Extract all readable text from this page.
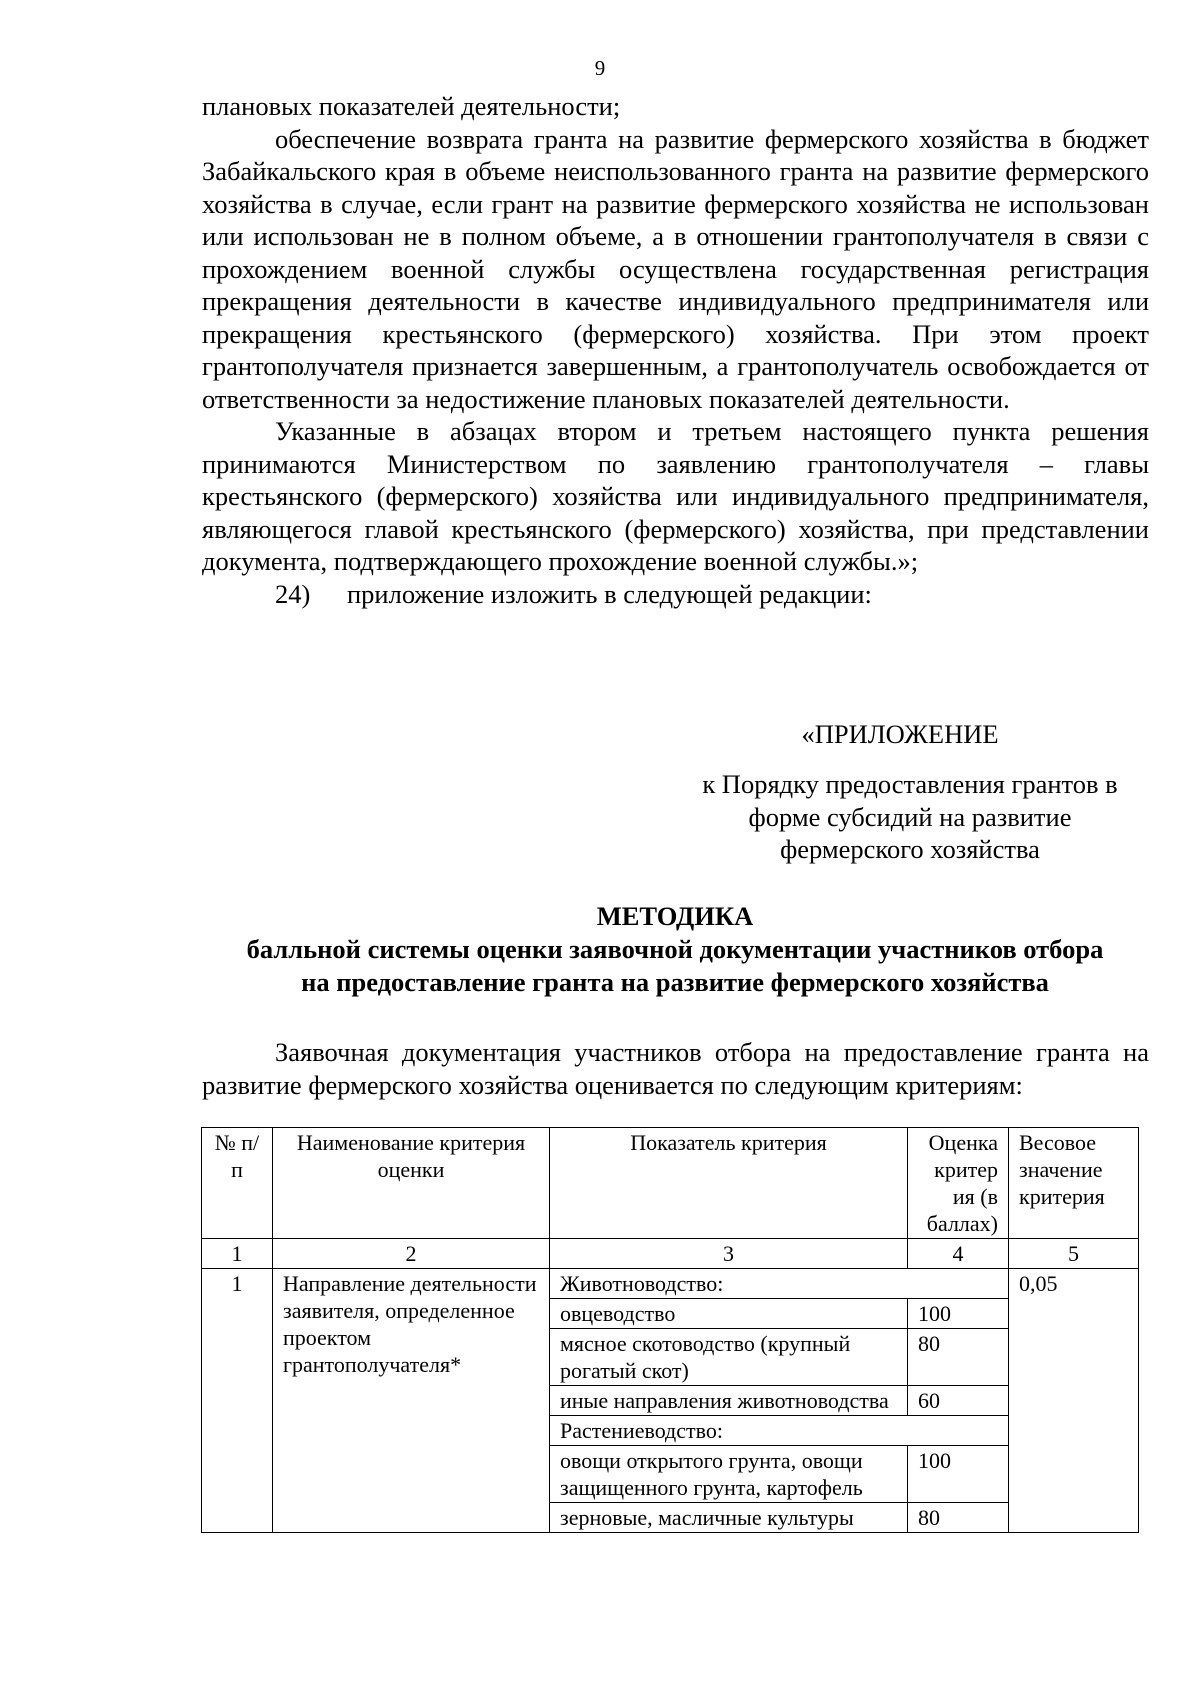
9

плановых показателей деятельности;

обеспечение возврата гранта на развитие фермерского хозяйства в бюджет Забайкальского края в объеме неиспользованного гранта на развитие фермерского хозяйства в случае, если грант на развитие фермерского хозяйства не использован или использован не в полном объеме, а в отношении грантополучателя в связи с прохождением военной службы осуществлена государственная регистрация прекращения деятельности в качестве индивидуального предпринимателя или прекращения крестьянского (фермерского) хозяйства. При этом проект грантополучателя признается завершенным, а грантополучатель освобождается от ответственности за недостижение плановых показателей деятельности.

Указанные в абзацах втором и третьем настоящего пункта решения принимаются Министерством по заявлению грантополучателя – главы крестьянского (фермерского) хозяйства или индивидуального предпринимателя, являющегося главой крестьянского (фермерского) хозяйства, при представлении документа, подтверждающего прохождение военной службы.»;

24) приложение изложить в следующей редакции:

«ПРИЛОЖЕНИЕ
к Порядку предоставления грантов в
форме субсидий на развитие
фермерского хозяйства
МЕТОДИКА
балльной системы оценки заявочной документации участников отбора
на предоставление гранта на развитие фермерского хозяйства

Заявочная документация участников отбора на предоставление гранта на развитие фермерского хозяйства оценивается по следующим критериям:

№ п/п	Наименование критерия оценки	Показатель критерия	Оценка критер ия (в баллах)	Весовое значение критерия
1	2	3	4	5
1	Направление деятельности заявителя, определенное проектом грантополучателя*	Животноводство:		0,05
		овцеводство	100	
		мясное скотоводство (крупный рогатый скот)	80	
		иные направления животноводства	60	
		Растениеводство:		
		овощи открытого грунта, овощи защищенного грунта, картофель	100	
		зерновые, масличные культуры	80	
